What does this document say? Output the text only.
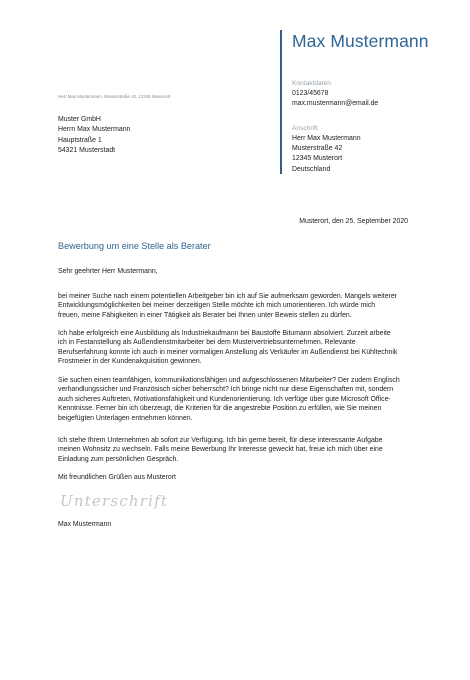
Max Mustermann
Kontaktdaten
0123/45678
max.mustermann@email.de
Anschrift
Herr Max Mustermann
Musterstraße 42
12345 Musterort
Deutschland
Herr Max Mustermann, Musterstraße 42, 12345 Musterort
Muster GmbH
Herrn Max Mustermann
Hauptstraße 1
54321 Musterstadt
Musterort, den 25. September 2020
Bewerbung um eine Stelle als Berater
Sehr geehrter Herr Mustermann,
bei meiner Suche nach einem potentiellen Arbeitgeber bin ich auf Sie aufmerksam geworden. Mangels weiterer
Entwicklungsmöglichkeiten bei meiner derzeitigen Stelle möchte ich mich umorientieren. Ich würde mich
freuen, meine Fähigkeiten in einer Tätigkeit als Berater bei Ihnen unter Beweis stellen zu dürfen.
Ich habe erfolgreich eine Ausbildung als Industriekaufmann bei Baustoffe Bitumann absolviert. Zurzeit arbeite
ich in Festanstellung als Außendienstmitarbeiter bei dem Mustervertriebsunternehmen. Relevante
Berufserfahrung konnte ich auch in meiner vormaligen Anstellung als Verkäufer im Außendienst bei Kühltechnik
Frostmeier in der Kundenakquisition gewinnen.
Sie suchen einen teamfähigen, kommunikationsfähigen und aufgeschlossenen Mitarbeiter? Der zudem Englisch
verhandlungssicher und Französisch sicher beherrscht? Ich bringe nicht nur diese Eigenschaften mit, sondern
auch sicheres Auftreten, Motivationsfähigkeit und Kundenorientierung. Ich verfüge über gute Microsoft Office-
Kenntnisse. Ferner bin ich überzeugt, die Kriterien für die angestrebte Position zu erfüllen, wie Sie meinen
beigefügten Unterlagen entnehmen können.
Ich stehe Ihrem Unternehmen ab sofort zur Verfügung. Ich bin gerne bereit, für diese interessante Aufgabe
meinen Wohnsitz zu wechseln. Falls meine Bewerbung Ihr Interesse geweckt hat, freue ich mich über eine
Einladung zum persönlichen Gespräch.
Mit freundlichen Grüßen aus Musterort
Unterschrift
Max Mustermann
